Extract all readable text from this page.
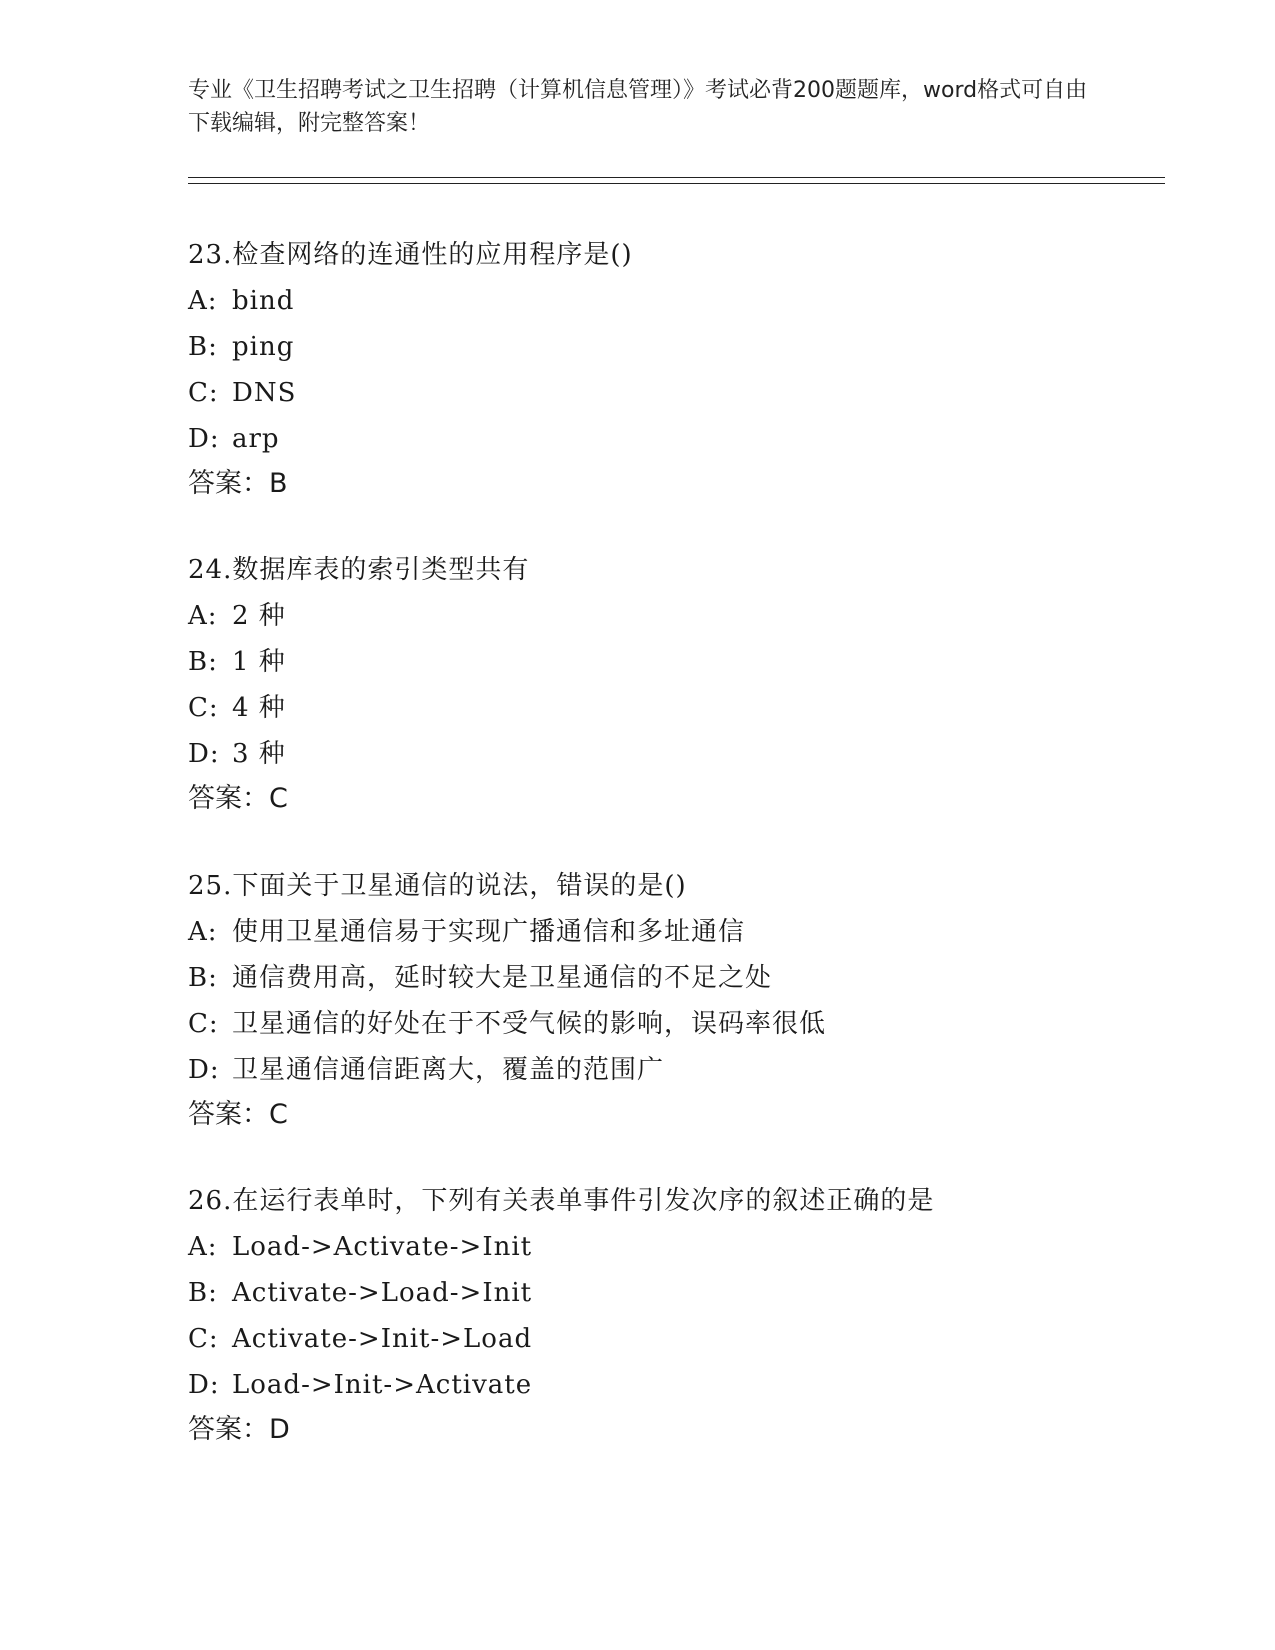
专业《卫生招聘考试之卫生招聘（计算机信息管理）》考试必背200题题库，word格式可自由下载编辑，附完整答案！
23.检查网络的连通性的应用程序是()
A: bind
B: ping
C: DNS
D: arp
答案：B
24.数据库表的索引类型共有
A: 2 种
B: 1 种
C: 4 种
D: 3 种
答案：C
25.下面关于卫星通信的说法，错误的是()
A: 使用卫星通信易于实现广播通信和多址通信
B: 通信费用高，延时较大是卫星通信的不足之处
C: 卫星通信的好处在于不受气候的影响，误码率很低
D: 卫星通信通信距离大，覆盖的范围广
答案：C
26.在运行表单时，下列有关表单事件引发次序的叙述正确的是
A: Load->Activate->Init
B: Activate->Load->Init
C: Activate->Init->Load
D: Load->Init->Activate
答案：D
